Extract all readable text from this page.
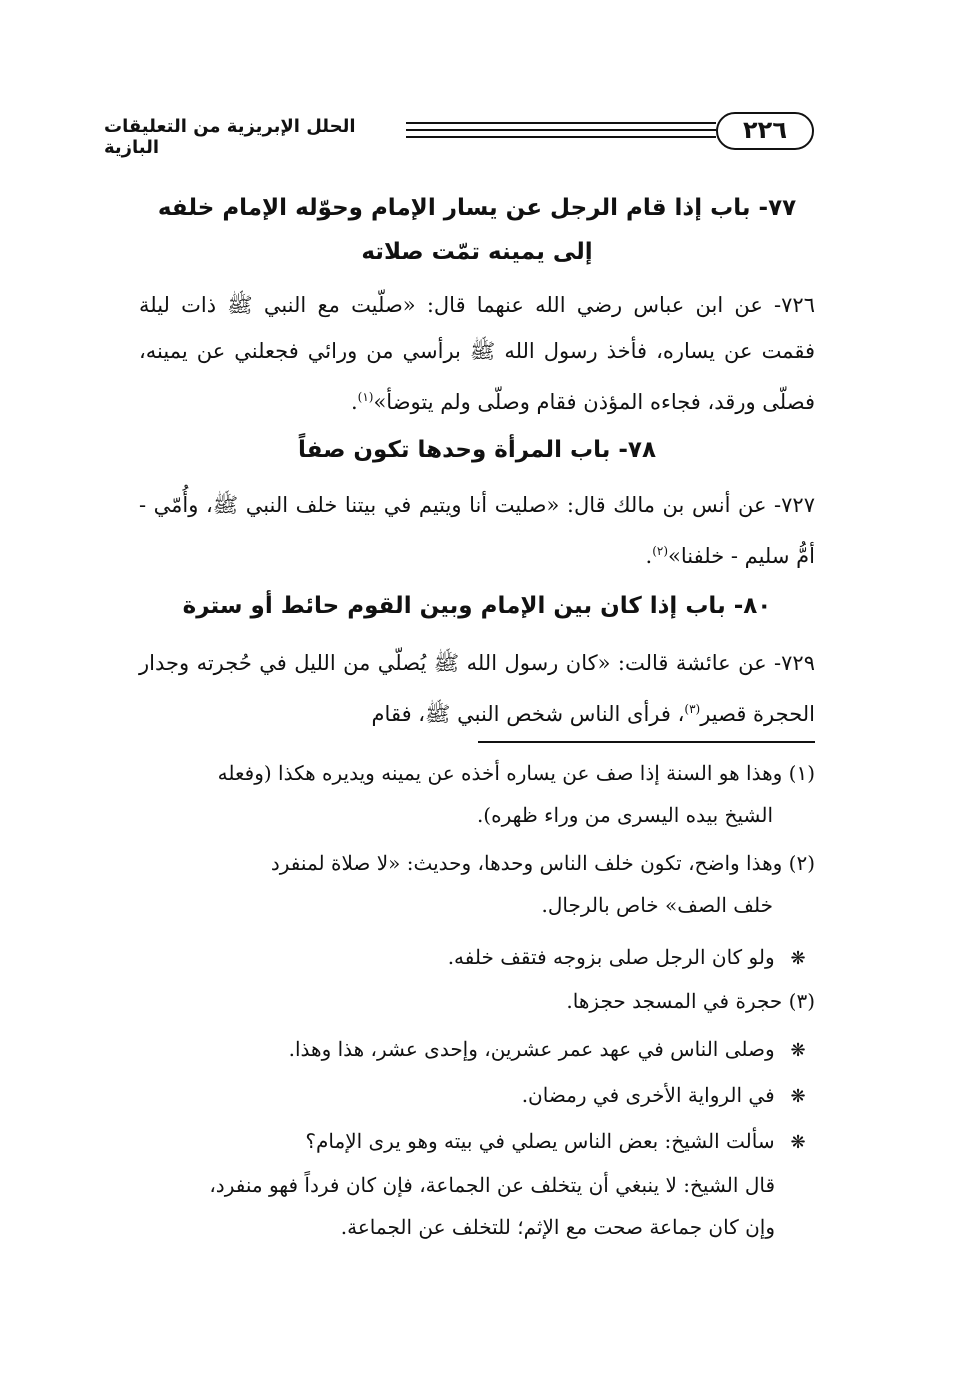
٢٢٦
الحلل الإبريزية من التعليقات البازية
٧٧- باب إذا قام الرجل عن يسار الإمام وحوّله الإمام خلفه إلى يمينه تمّت صلاته
٧٢٦- عن ابن عباس رضي الله عنهما قال: «صلّيت مع النبي ﷺ ذات ليلة فقمت عن يساره، فأخذ رسول الله ﷺ برأسي من ورائي فجعلني عن يمينه، فصلّى ورقد، فجاءه المؤذن فقام وصلّى ولم يتوضأ»$^{(١)}$.
٧٨- باب المرأة وحدها تكون صفاً
٧٢٧- عن أنس بن مالك قال: «صليت أنا ويتيم في بيتنا خلف النبي ﷺ، وأُمّي - أمُّ سليم - خلفنا»$^{(٢)}$.
٨٠- باب إذا كان بين الإمام وبين القوم حائط أو سترة
٧٢٩- عن عائشة قالت: «كان رسول الله ﷺ يُصلّي من الليل في حُجرته وجدار الحجرة قصير$^{(٣)}$، فرأى الناس شخص النبي ﷺ، فقام
(١) وهذا هو السنة إذا صف عن يساره أخذه عن يمينه ويديره هكذا (وفعله
الشيخ بيده اليسرى من وراء ظهره).
(٢) وهذا واضح، تكون خلف الناس وحدها، وحديث: «لا صلاة لمنفرد
خلف الصف» خاص بالرجال.
❋ ولو كان الرجل صلى بزوجه فتقف خلفه.
(٣) حجرة في المسجد حجزها.
❋ وصلى الناس في عهد عمر عشرين، وإحدى عشر، هذا وهذا.
❋ في الرواية الأخرى في رمضان.
❋ سألت الشيخ: بعض الناس يصلي في بيته وهو يرى الإمام؟
قال الشيخ: لا ينبغي أن يتخلف عن الجماعة، فإن كان فرداً فهو منفرد،
وإن كان جماعة صحت مع الإثم؛ للتخلف عن الجماعة.
